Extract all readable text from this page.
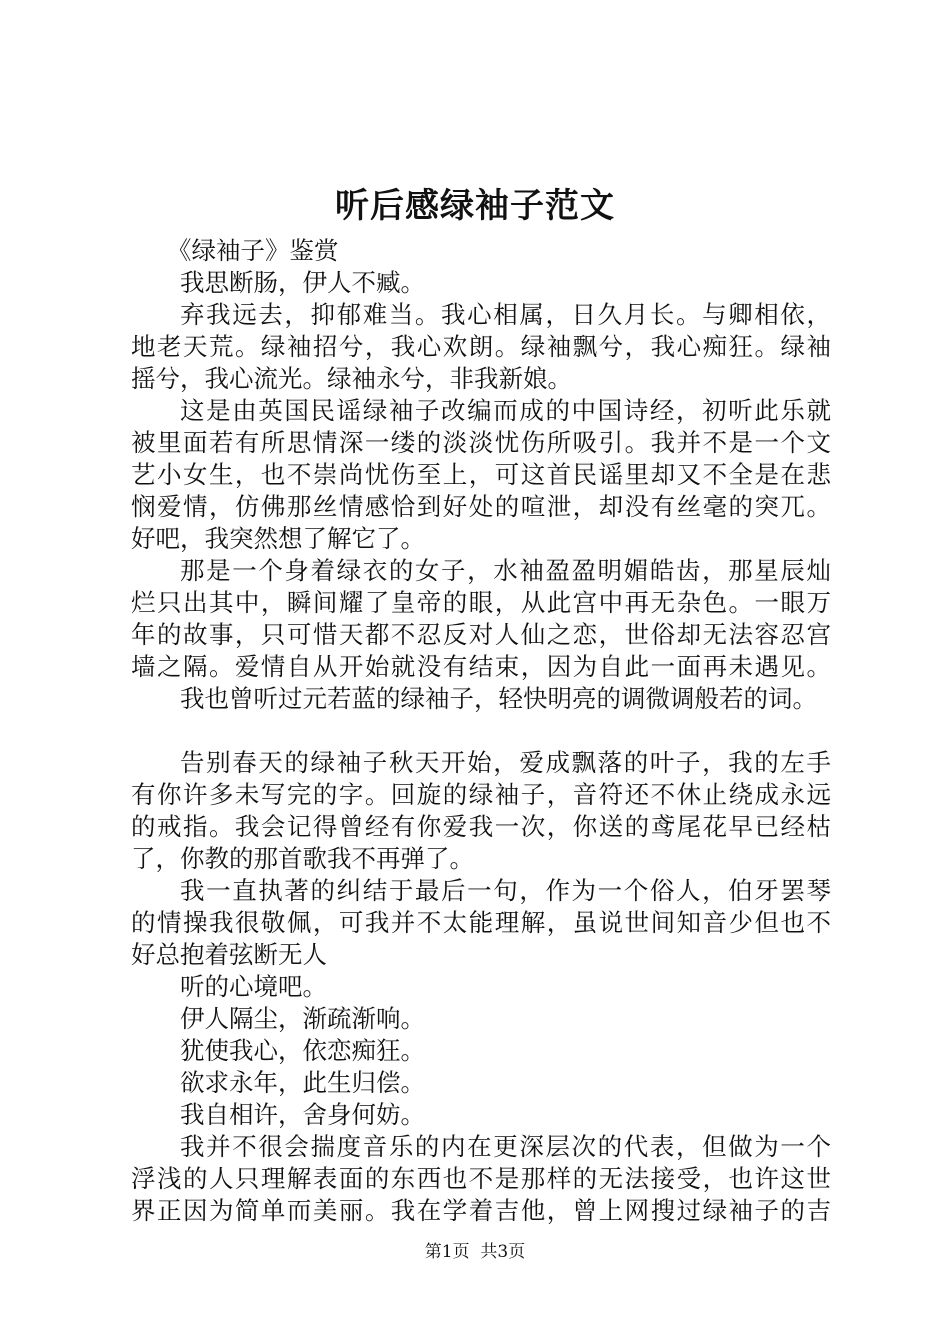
听后感绿袖子范文
《绿袖子》鉴赏
我思断肠，伊人不臧。
弃我远去，抑郁难当。我心相属，日久月长。与卿相依，
地老天荒。绿袖招兮，我心欢朗。绿袖飘兮，我心痴狂。绿袖
摇兮，我心流光。绿袖永兮，非我新娘。
这是由英国民谣绿袖子改编而成的中国诗经，初听此乐就
被里面若有所思情深一缕的淡淡忧伤所吸引。我并不是一个文
艺小女生，也不崇尚忧伤至上，可这首民谣里却又不全是在悲
悯爱情，仿佛那丝情感恰到好处的喧泄，却没有丝毫的突兀。
好吧，我突然想了解它了。
那是一个身着绿衣的女子，水袖盈盈明媚皓齿，那星辰灿
烂只出其中，瞬间耀了皇帝的眼，从此宫中再无杂色。一眼万
年的故事，只可惜天都不忍反对人仙之恋，世俗却无法容忍宫
墙之隔。爱情自从开始就没有结束，因为自此一面再未遇见。
我也曾听过元若蓝的绿袖子，轻快明亮的调微调般若的词。
告别春天的绿袖子秋天开始，爱成飘落的叶子，我的左手
有你许多未写完的字。回旋的绿袖子，音符还不休止绕成永远
的戒指。我会记得曾经有你爱我一次，你送的鸢尾花早已经枯
了，你教的那首歌我不再弹了。
我一直执著的纠结于最后一句，作为一个俗人，伯牙罢琴
的情操我很敬佩，可我并不太能理解，虽说世间知音少但也不
好总抱着弦断无人
听的心境吧。
伊人隔尘，渐疏渐响。
犹使我心，依恋痴狂。
欲求永年，此生归偿。
我自相许，舍身何妨。
我并不很会揣度音乐的内在更深层次的代表，但做为一个
浮浅的人只理解表面的东西也不是那样的无法接受，也许这世
界正因为简单而美丽。我在学着吉他，曾上网搜过绿袖子的吉
第1页  共3页
